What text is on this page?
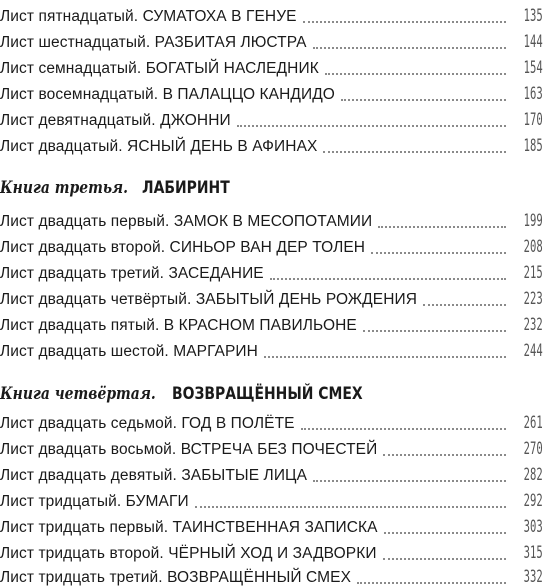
Лист пятнадцатый. СУМАТОХА В ГЕНУЕ	135
Лист шестнадцатый. РАЗБИТАЯ ЛЮСТРА	144
Лист семнадцатый. БОГАТЫЙ НАСЛЕДНИК	154
Лист восемнадцатый. В ПАЛАЦЦО КАНДИДО	163
Лист девятнадцатый. ДЖОННИ	170
Лист двадцатый. ЯСНЫЙ ДЕНЬ В АФИНАХ	185
Книга третья. ЛАБИРИНТ
Лист двадцать первый. ЗАМОК В МЕСОПОТАМИИ	199
Лист двадцать второй. СИНЬОР ВАН ДЕР ТОЛЕН	208
Лист двадцать третий. ЗАСЕДАНИЕ	215
Лист двадцать четвёртый. ЗАБЫТЫЙ ДЕНЬ РОЖДЕНИЯ	223
Лист двадцать пятый. В КРАСНОМ ПАВИЛЬОНЕ	232
Лист двадцать шестой. МАРГАРИН	244
Книга четвёртая. ВОЗВРАЩЁННЫЙ СМЕХ
Лист двадцать седьмой. ГОД В ПОЛЁТЕ	261
Лист двадцать восьмой. ВСТРЕЧА БЕЗ ПОЧЕСТЕЙ	270
Лист двадцать девятый. ЗАБЫТЫЕ ЛИЦА	282
Лист тридцатый. БУМАГИ	292
Лист тридцать первый. ТАИНСТВЕННАЯ ЗАПИСКА	303
Лист тридцать второй. ЧЁРНЫЙ ХОД И ЗАДВОРКИ	315
Лист тридцать третий. ВОЗВРАЩЁННЫЙ СМЕХ	332
